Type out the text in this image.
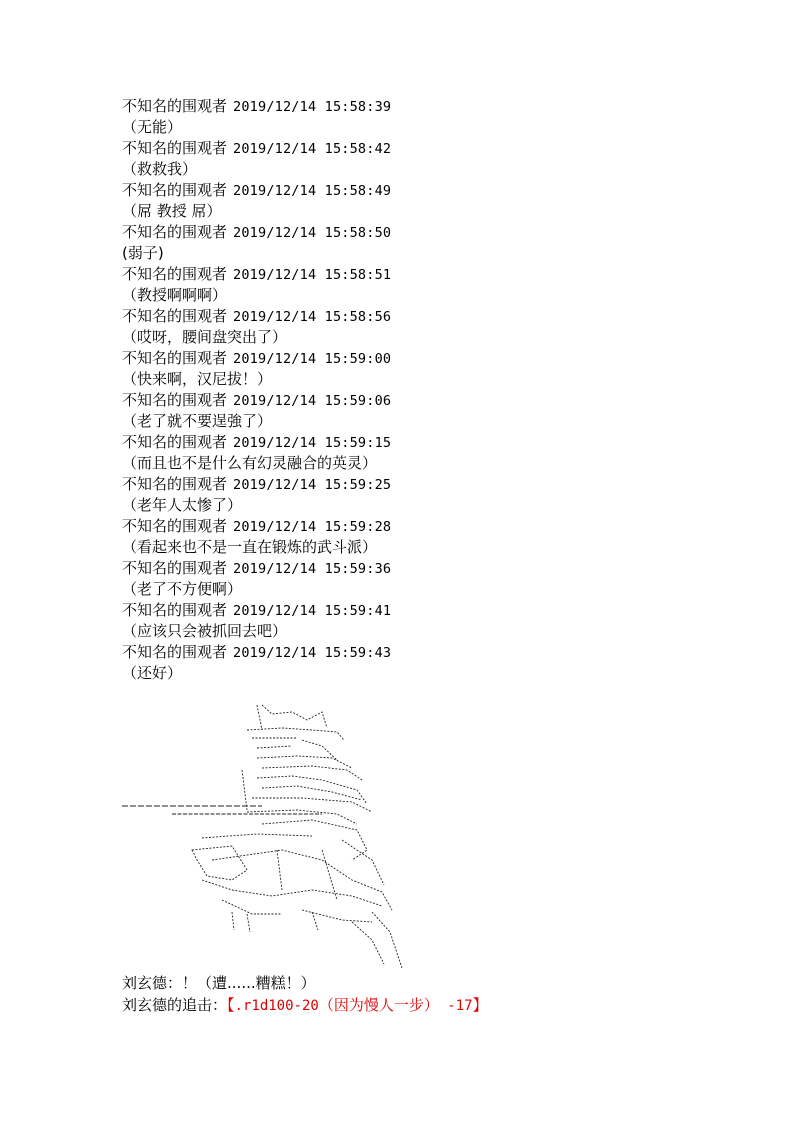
不知名的围观者 2019/12/14 15:58:39
（无能）
不知名的围观者 2019/12/14 15:58:42
（救救我）
不知名的围观者 2019/12/14 15:58:49
（屌 教授 屌）
不知名的围观者 2019/12/14 15:58:50
(弱子)
不知名的围观者 2019/12/14 15:58:51
（教授啊啊啊）
不知名的围观者 2019/12/14 15:58:56
（哎呀，腰间盘突出了）
不知名的围观者 2019/12/14 15:59:00
（快来啊，汉尼拔！）
不知名的围观者 2019/12/14 15:59:06
（老了就不要逞強了）
不知名的围观者 2019/12/14 15:59:15
（而且也不是什么有幻灵融合的英灵）
不知名的围观者 2019/12/14 15:59:25
（老年人太惨了）
不知名的围观者 2019/12/14 15:59:28
（看起来也不是一直在锻炼的武斗派）
不知名的围观者 2019/12/14 15:59:36
（老了不方便啊）
不知名的围观者 2019/12/14 15:59:41
（应该只会被抓回去吧）
不知名的围观者 2019/12/14 15:59:43
（还好）
刘玄德：！（遭......糟糕！）
刘玄德的追击：【.r1d100-20（因为慢人一步） -17】
